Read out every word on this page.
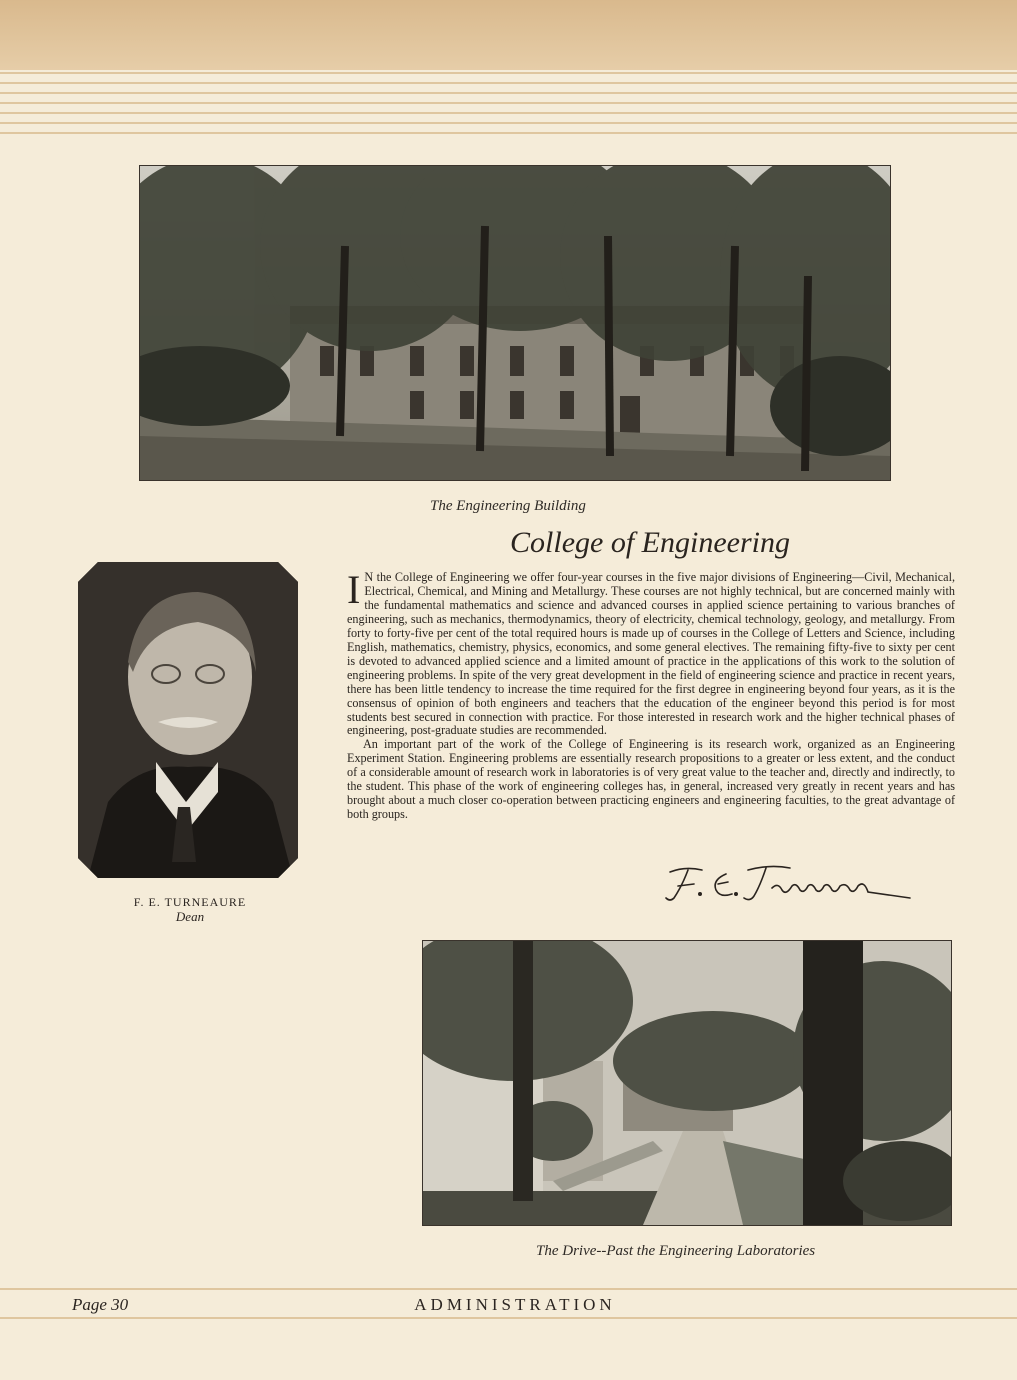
The Engineering Building
College of Engineering

I N the College of Engineering we offer four-year courses in the five major divisions of Engineering—Civil, Mechanical, Electrical, Chemical, and Mining and Metallurgy. These courses are not highly technical, but are concerned mainly with the fundamental mathematics and science and advanced courses in applied science pertaining to various branches of engineering, such as mechanics, thermodynamics, theory of electricity, chemical technology, geology, and metallurgy. From forty to forty-five per cent of the total required hours is made up of courses in the College of Letters and Science, including English, mathematics, chemistry, physics, economics, and some general electives. The remaining fifty-five to sixty per cent is devoted to advanced applied science and a limited amount of practice in the applications of this work to the solution of engineering problems. In spite of the very great development in the field of engineering science and practice in recent years, there has been little tendency to increase the time required for the first degree in engineering beyond four years, as it is the consensus of opinion of both engineers and teachers that the education of the engineer beyond this period is for most students best secured in connection with practice. For those interested in research work and the higher technical phases of engineering, post-graduate studies are recommended.

An important part of the work of the College of Engineering is its research work, organized as an Engineering Experiment Station. Engineering problems are essentially research propositions to a greater or less extent, and the conduct of a considerable amount of research work in laboratories is of very great value to the teacher and, directly and indirectly, to the student. This phase of the work of engineering colleges has, in general, increased very greatly in recent years and has brought about a much closer co-operation between practicing engineers and engineering faculties, to the great advantage of both groups.

F. E. TURNEAURE
Dean
The Drive--Past the Engineering Laboratories
Page 30	ADMINISTRATION
